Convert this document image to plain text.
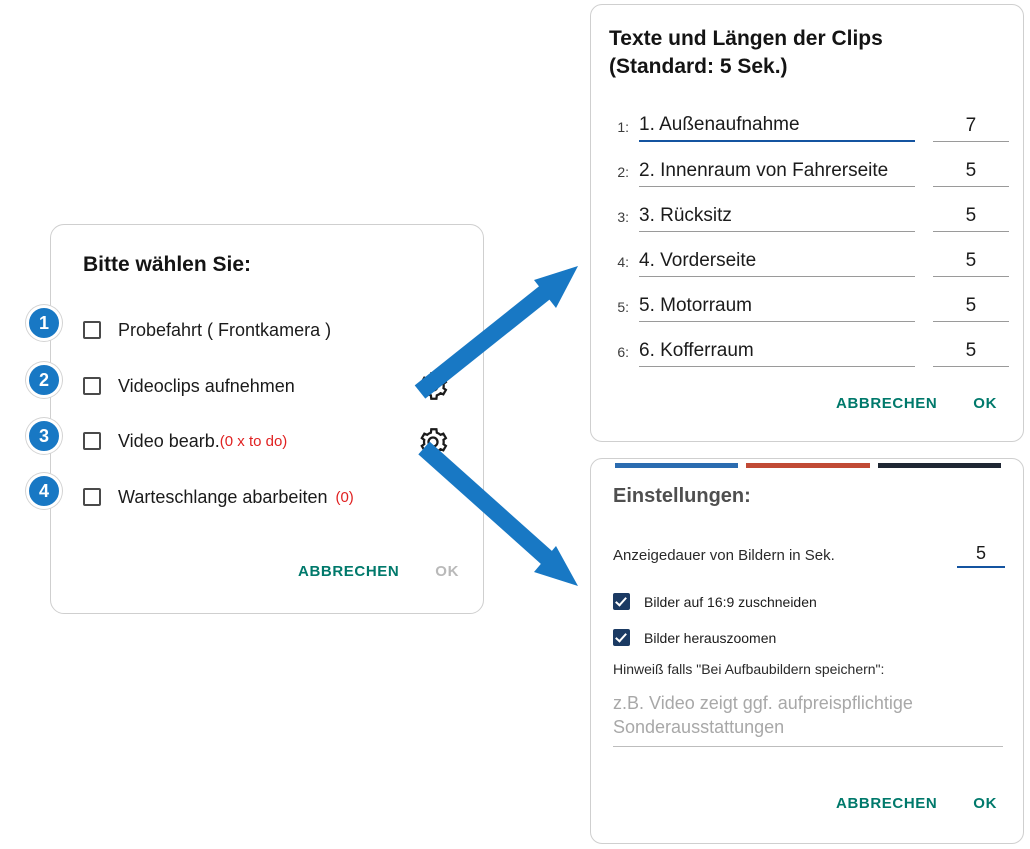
Bitte wählen Sie:
Probefahrt ( Frontkamera )
Videoclips aufnehmen
Video bearb. (0 x to do)
Warteschlange abarbeiten (0)
ABBRECHEN OK
1
2
3
4
Texte und Längen der Clips (Standard: 5 Sek.)
1: 1. Außenaufnahme	7
2: 2. Innenraum von Fahrerseite	5
3: 3. Rücksitz	5
4: 4. Vorderseite	5
5: 5. Motorraum	5
6: 6. Kofferraum	5
ABBRECHEN OK
Einstellungen:
Anzeigedauer von Bildern in Sek.	5
Bilder auf 16:9 zuschneiden
Bilder herauszoomen
Hinweiß falls "Bei Aufbaubildern speichern":
z.B. Video zeigt ggf. aufpreispflichtige Sonderausstattungen
ABBRECHEN OK
